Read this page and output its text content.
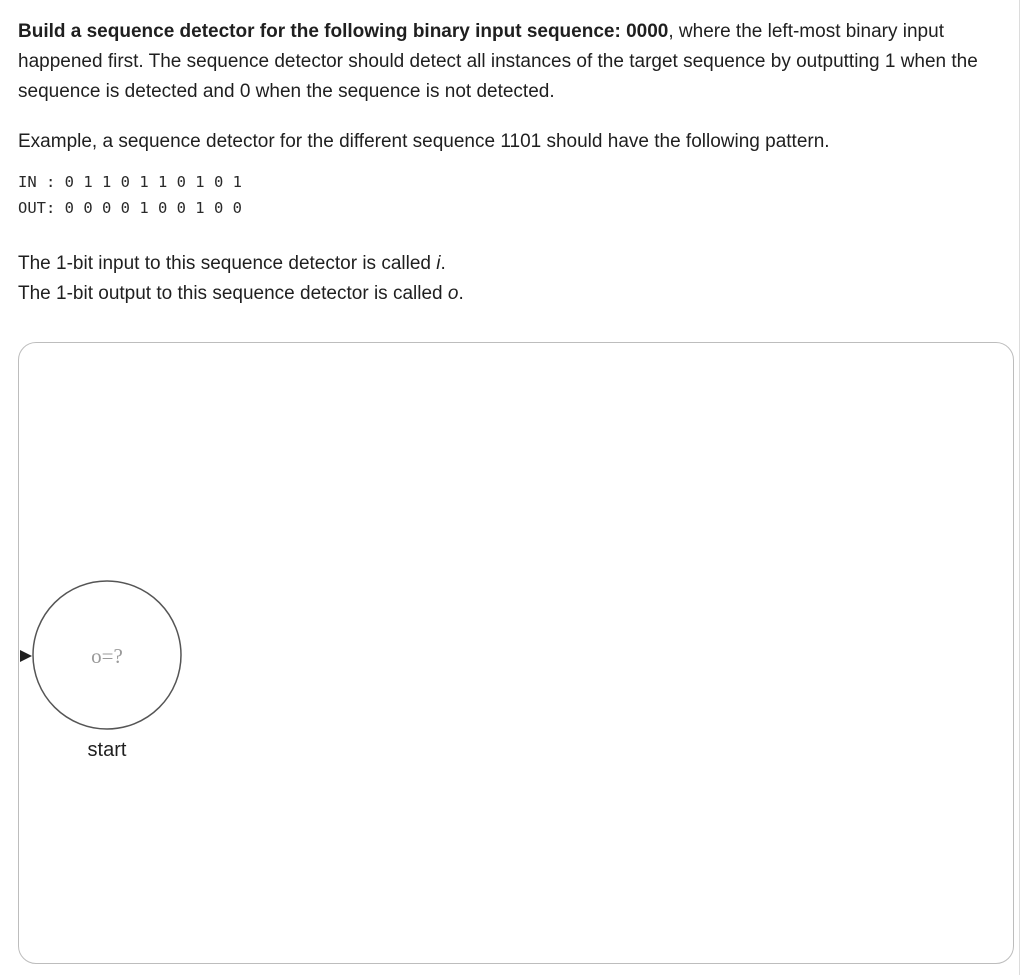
Build a sequence detector for the following binary input sequence: 0000, where the left-most binary input happened first. The sequence detector should detect all instances of the target sequence by outputting 1 when the sequence is detected and 0 when the sequence is not detected.

Example, a sequence detector for the different sequence 1101 should have the following pattern.

IN : 0 1 1 0 1 1 0 1 0 1
OUT: 0 0 0 0 1 0 0 1 0 0

The 1-bit input to this sequence detector is called i.

The 1-bit output to this sequence detector is called o.

o=?
start
